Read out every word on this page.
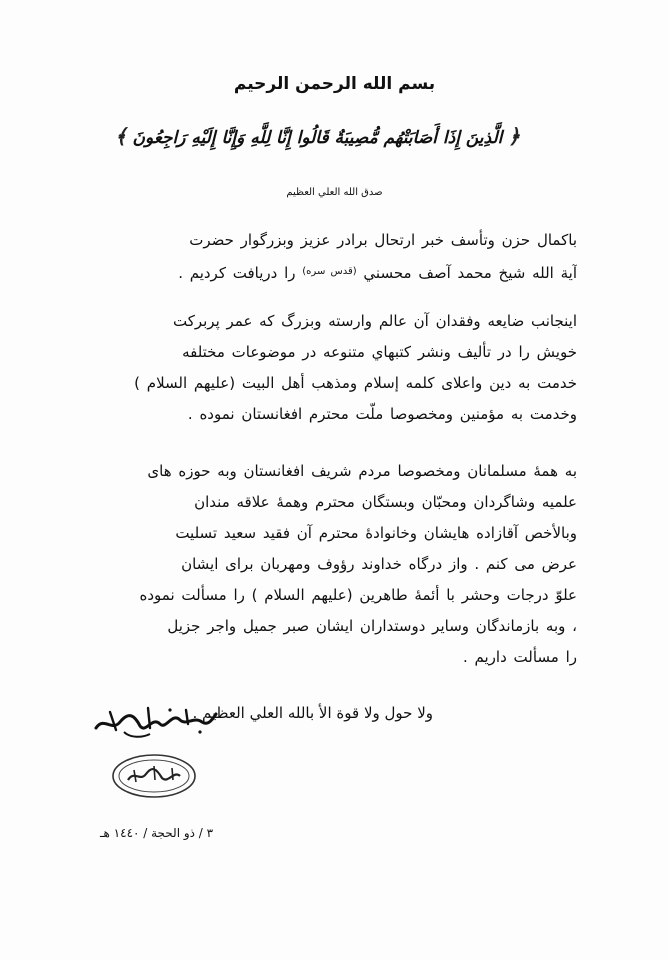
بسم الله الرحمن الرحيم
﴿ الَّذِينَ إِذَا أَصَابَتْهُم مُّصِيبَةٌ قَالُوا إِنَّا لِلَّهِ وَإِنَّا إِلَيْهِ رَاجِعُونَ ﴾
صدق الله العلي العظيم
باكمال حزن وتأسف خبر ارتحال برادر عزيز وبزرگوار حضرت
آية الله شيخ محمد آصف محسني $^{(قدس سره)}$ را دريافت كرديم .
اينجانب ضايعه وفقدان آن عالم وارسته وبزرگ كه عمر پربركت
خويش را در تأليف ونشر كتبهاي متنوعه در موضوعات مختلفه
خدمت به دين واعلاى كلمه إسلام ومذهب أهل البيت (عليهم السلام )
وخدمت به مؤمنين ومخصوصا ملّت محترم افغانستان نموده .
به همهٔ مسلمانان ومخصوصا مردم شريف افغانستان وبه حوزه هاى
علميه وشاگردان ومحبّان وبستگان محترم وهمهٔ علاقه مندان
وبالأخص آقازاده هايشان وخانوادهٔ محترم آن فقيد سعيد تسليت
عرض مى كنم . واز درگاه خداوند رؤوف ومهربان براى ايشان
علوّ درجات وحشر با أئمهٔ طاهرين (عليهم السلام ) را مسألت نموده
، وبه بازماندگان وساير دوستداران ايشان صبر جميل واجر جزيل
را مسألت داريم .
ولا حول ولا قوة الأ بالله العلي العظيم .
٣ / ذو الحجة / ١٤٤٠ هـ
